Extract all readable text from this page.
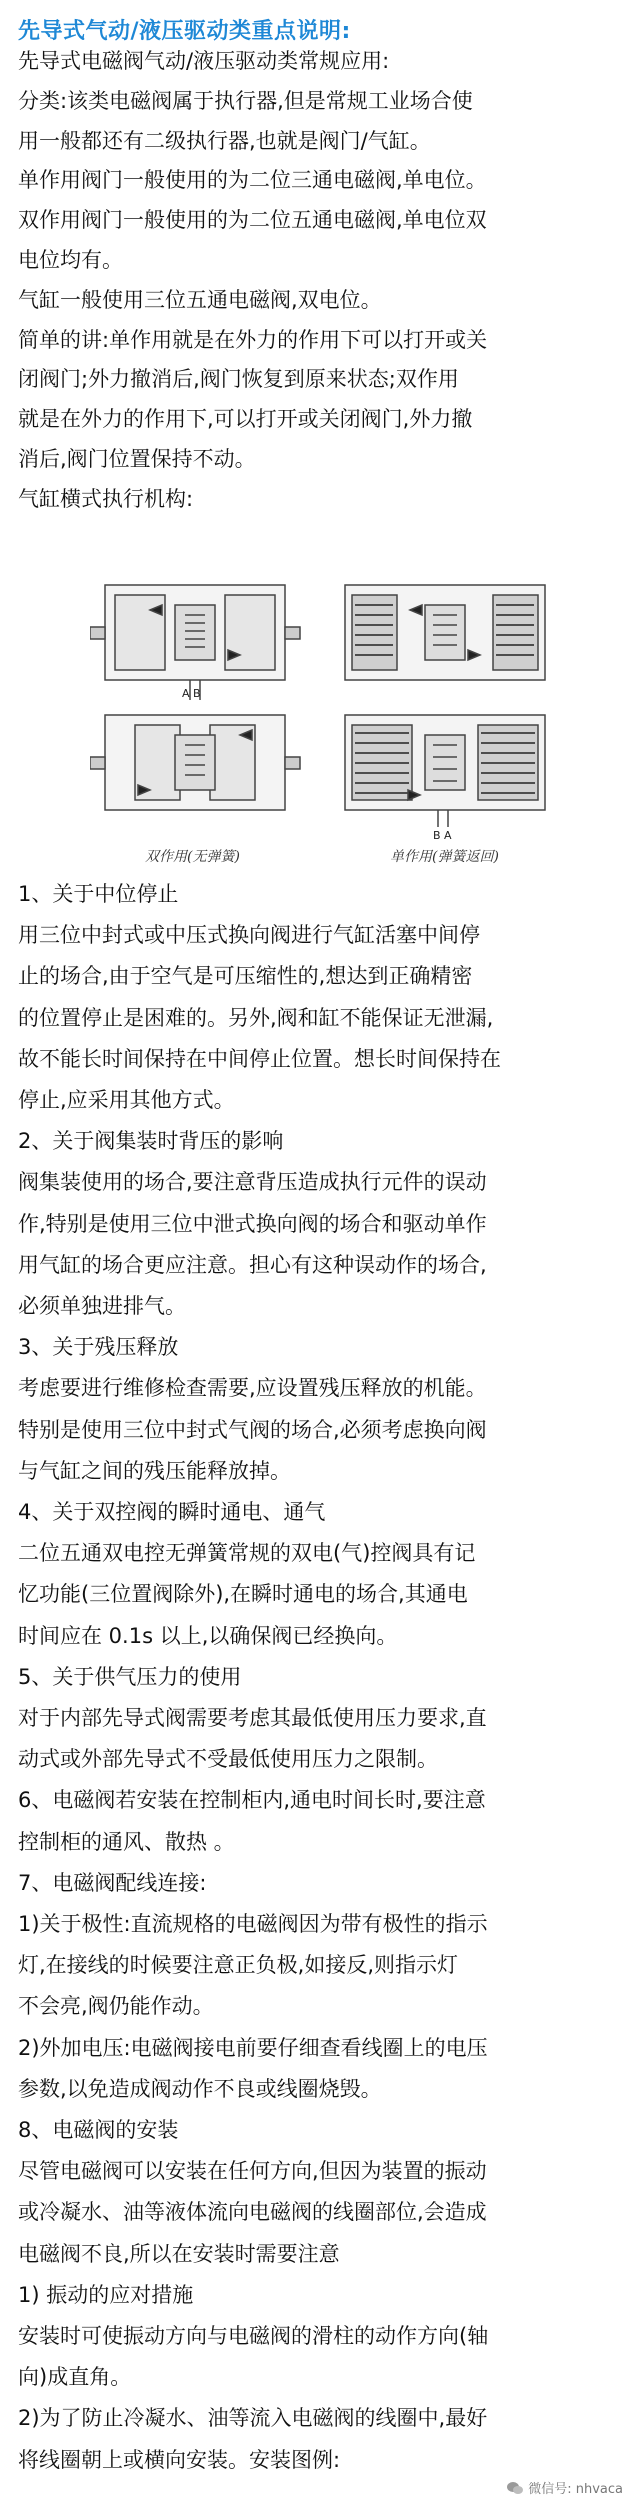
先导式气动/液压驱动类重点说明:
先导式电磁阀气动/液压驱动类常规应用:
分类:该类电磁阀属于执行器,但是常规工业场合使
用一般都还有二级执行器,也就是阀门/气缸。
单作用阀门一般使用的为二位三通电磁阀,单电位。
双作用阀门一般使用的为二位五通电磁阀,单电位双
电位均有。
气缸一般使用三位五通电磁阀,双电位。
简单的讲:单作用就是在外力的作用下可以打开或关
闭阀门;外力撤消后,阀门恢复到原来状态;双作用
就是在外力的作用下,可以打开或关闭阀门,外力撤
消后,阀门位置保持不动。
气缸横式执行机构:
A B
B A
双作用(无弹簧)	单作用(弹簧返回)
1、关于中位停止
用三位中封式或中压式换向阀进行气缸活塞中间停
止的场合,由于空气是可压缩性的,想达到正确精密
的位置停止是困难的。另外,阀和缸不能保证无泄漏,
故不能长时间保持在中间停止位置。想长时间保持在
停止,应采用其他方式。
2、关于阀集装时背压的影响
阀集装使用的场合,要注意背压造成执行元件的误动
作,特别是使用三位中泄式换向阀的场合和驱动单作
用气缸的场合更应注意。担心有这种误动作的场合,
必须单独进排气。
3、关于残压释放
考虑要进行维修检查需要,应设置残压释放的机能。
特别是使用三位中封式气阀的场合,必须考虑换向阀
与气缸之间的残压能释放掉。
4、关于双控阀的瞬时通电、通气
二位五通双电控无弹簧常规的双电(气)控阀具有记
忆功能(三位置阀除外),在瞬时通电的场合,其通电
时间应在 0.1s 以上,以确保阀已经换向。
5、关于供气压力的使用
对于内部先导式阀需要考虑其最低使用压力要求,直
动式或外部先导式不受最低使用压力之限制。
6、电磁阀若安装在控制柜内,通电时间长时,要注意
控制柜的通风、散热 。
7、电磁阀配线连接:
1)关于极性:直流规格的电磁阀因为带有极性的指示
灯,在接线的时候要注意正负极,如接反,则指示灯
不会亮,阀仍能作动。
2)外加电压:电磁阀接电前要仔细查看线圈上的电压
参数,以免造成阀动作不良或线圈烧毁。
8、电磁阀的安装
尽管电磁阀可以安装在任何方向,但因为装置的振动
或冷凝水、油等液体流向电磁阀的线圈部位,会造成
电磁阀不良,所以在安装时需要注意
1) 振动的应对措施
安装时可使振动方向与电磁阀的滑柱的动作方向(轴
向)成直角。
2)为了防止冷凝水、油等流入电磁阀的线圈中,最好
将线圈朝上或横向安装。安装图例:
微信号: nhvaca
